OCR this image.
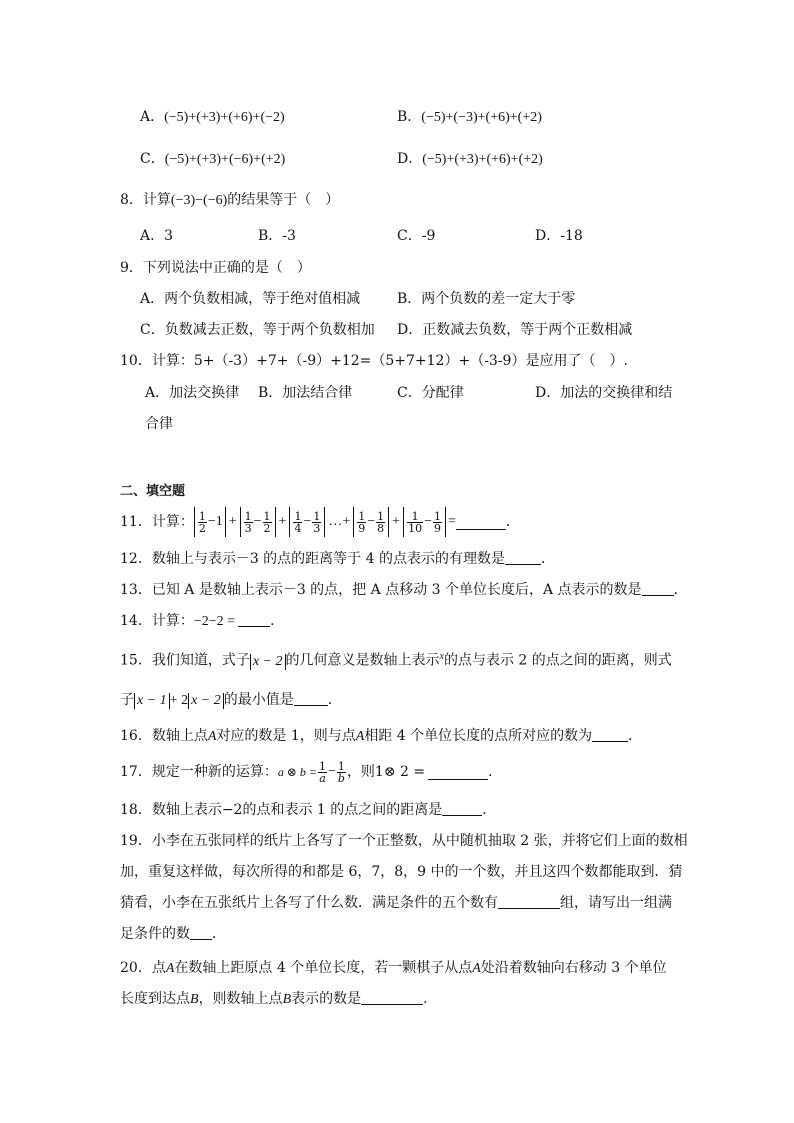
A．(−5)+(+3)+(+6)+(−2)	B．(−5)+(−3)+(+6)+(+2)
C．(−5)+(+3)+(−6)+(+2)	D．(−5)+(+3)+(+6)+(+2)
8．计算(−3)−(−6)的结果等于（　）
A．3	B．-3	C．-9	D．-18
9．下列说法中正确的是（　）
A．两个负数相减，等于绝对值相减	B．两个负数的差一定大于零
C．负数减去正数，等于两个负数相加 D．正数减去负数，等于两个正数相减
10．计算：5+（-3）+7+（-9）+12=（5+7+12）+（-3-9）是应用了（　）.
A．加法交换律 B．加法结合律	C．分配律	D．加法的交换律和结
合律
二、填空题
11．计算： $\frac{1}{2} -1 + \frac{1}{3} - \frac{1}{2} + \frac{1}{4} - \frac{1}{3}$ …+ $\frac{1}{9} - \frac{1}{8} + \frac{1}{10} - \frac{1}{9}$ =	．
12．数轴上与表示－3 的点的距离等于 4 的点表示的有理数是	．
13．已知 A 是数轴上表示－3 的点，把 A 点移动 3 个单位长度后，A 点表示的数是 ．
14．计算：−2−2 =	.
15．我们知道，式子 x − 2 的几何意义是数轴上表示$^x$的点与表示 2 的点之间的距离，则式
子 x − 1 + 2 x − 2 的最小值是 ．
16．数轴上点A对应的数是 1，则与点A相距 4 个单位长度的点所对应的数为	．
17．规定一种新的运算： a ⊗ $b = \frac{1}{a} - \frac{1}{b}$ ，则1⊗ 2 =	．
18．数轴上表示−2的点和表示 1 的点之间的距离是	．
19．小李在五张同样的纸片上各写了一个正整数，从中随机抽取 2 张，并将它们上面的数相
加，重复这样做，每次所得的和都是 6，7，8，9 中的一个数，并且这四个数都能取到．猜
猜看，小李在五张纸片上各写了什么数．满足条件的五个数有	组，请写出一组满
足条件的数 ．
20．点A在数轴上距原点 4 个单位长度，若一颗棋子从点A处沿着数轴向右移动 3 个单位
长度到达点B，则数轴上点B表示的数是	．
